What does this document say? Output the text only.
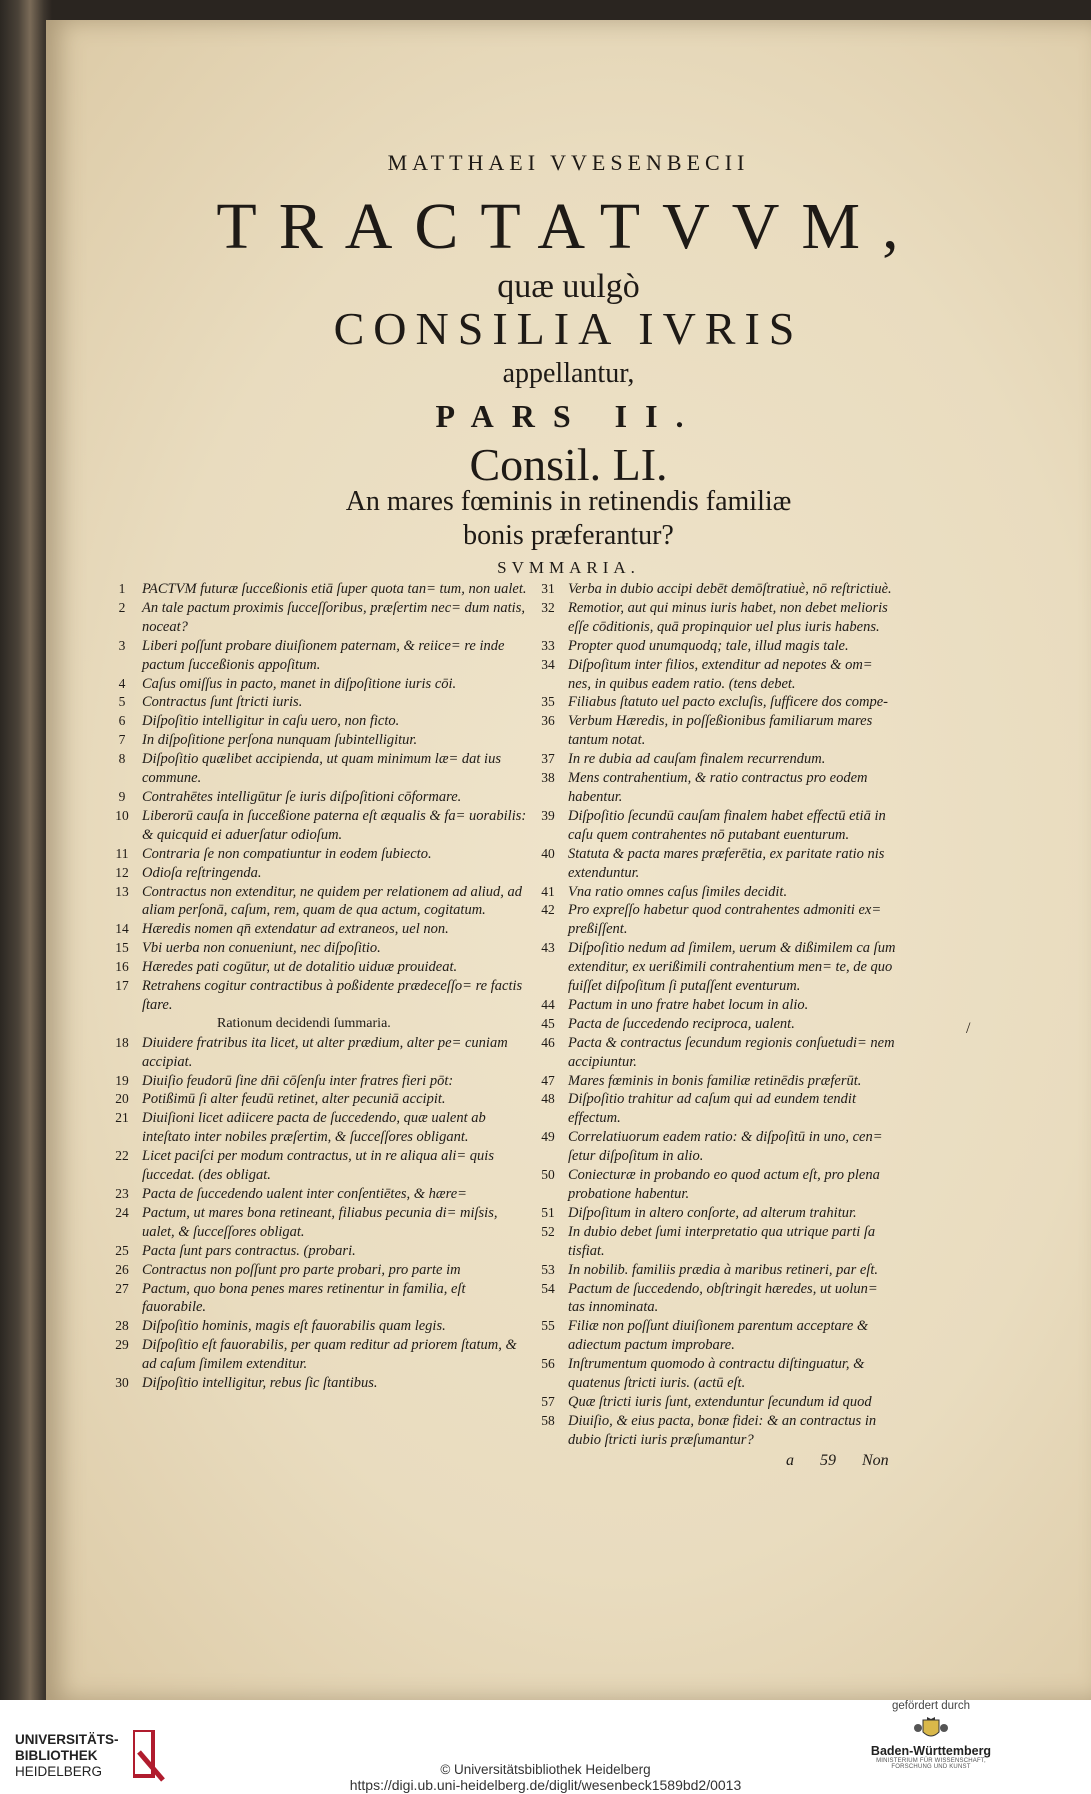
MATTHAEI VVESENBECII
TRACTATVVM,
quæ uulgò
CONSILIA IVRIS
appellantur,
PARS II.
Consil. LI.
An mares fœminis in retinendis familiæ
bonis præferantur?
SVMMARIA.
1	PACTVM futuræ ſucceßionis etiā ſuper quota tan= tum, non ualet.
2	An tale pactum proximis ſucceſſoribus, præſertim nec= dum natis, noceat?
3	Liberi poſſunt probare diuiſionem paternam, & reiice= re inde pactum ſucceßionis appoſitum.
4	Caſus omiſſus in pacto, manet in diſpoſitione iuris cōi.
5	Contractus ſunt ſtricti iuris.
6	Diſpoſitio intelligitur in caſu uero, non ficto.
7	In diſpoſitione perſona nunquam ſubintelligitur.
8	Diſpoſitio quælibet accipienda, ut quam minimum læ= dat ius commune.
9	Contrahētes intelligūtur ſe iuris diſpoſitioni cōformare.
10 Liberorū cauſa in ſucceßione paterna eſt æqualis & fa= uorabilis: & quicquid ei aduerſatur odioſum.
11 Contraria ſe non compatiuntur in eodem ſubiecto.
12 Odioſa reſtringenda.
13 Contractus non extenditur, ne quidem per relationem ad aliud, ad aliam perſonā, caſum, rem, quam de qua actum, cogitatum.
14 Hæredis nomen qn̄ extendatur ad extraneos, uel non.
15 Vbi uerba non conueniunt, nec diſpoſitio.
16 Hæredes pati cogūtur, ut de dotalitio uiduæ prouideat.
17 Retrahens cogitur contractibus à poßidente prædeceſſo= re factis ſtare.
Rationum decidendi ſummaria.
18 Diuidere fratribus ita licet, ut alter prædium, alter pe= cuniam accipiat.
19 Diuiſio feudorū ſine dn̄i cōſenſu inter fratres fieri pōt:
20 Potißimū ſi alter feudū retinet, alter pecuniā accipit.
21 Diuiſioni licet adiicere pacta de ſuccedendo, quæ ualent ab inteſtato inter nobiles præſertim, & ſucceſſores obligant.
22 Licet paciſci per modum contractus, ut in re aliqua ali= quis ſuccedat. (des obligat.
23 Pacta de ſuccedendo ualent inter conſentiētes, & hære=
24 Pactum, ut mares bona retineant, filiabus pecunia di= miſsis, ualet, & ſucceſſores obligat.
25 Pacta ſunt pars contractus. (probari.
26 Contractus non poſſunt pro parte probari, pro parte im
27 Pactum, quo bona penes mares retinentur in familia, eſt fauorabile.
28 Diſpoſitio hominis, magis eſt fauorabilis quam legis.
29 Diſpoſitio eſt fauorabilis, per quam reditur ad priorem ſtatum, & ad caſum ſimilem extenditur.
30 Diſpoſitio intelligitur, rebus ſic ſtantibus.
31 Verba in dubio accipi debēt demōſtratiuè, nō reſtrictiuè.
32 Remotior, aut qui minus iuris habet, non debet melioris eſſe cōditionis, quā propinquior uel plus iuris habens.
33 Propter quod unumquodq; tale, illud magis tale.
34 Diſpoſitum inter filios, extenditur ad nepotes & om= nes, in quibus eadem ratio. (tens debet.
35 Filiabus ſtatuto uel pacto excluſis, ſufficere dos compe-
36 Verbum Hæredis, in poſſeßionibus familiarum mares tantum notat.
37 In re dubia ad cauſam finalem recurrendum.
38 Mens contrahentium, & ratio contractus pro eodem habentur.
39 Diſpoſitio ſecundū cauſam finalem habet effectū etiā in caſu quem contrahentes nō putabant euenturum.
40 Statuta & pacta mares præferētia, ex paritate ratio nis extenduntur.
41 Vna ratio omnes caſus ſimiles decidit.
42 Pro expreſſo habetur quod contrahentes admoniti ex= preßiſſent.
43 Diſpoſitio nedum ad ſimilem, uerum & dißimilem ca ſum extenditur, ex uerißimili contrahentium men= te, de quo fuiſſet diſpoſitum ſi putaſſent eventurum.
44 Pactum in uno fratre habet locum in alio.
45 Pacta de ſuccedendo reciproca, ualent.
46 Pacta & contractus ſecundum regionis conſuetudi= nem accipiuntur.
47 Mares fœminis in bonis familiæ retinēdis præferūt.
48 Diſpoſitio trahitur ad caſum qui ad eundem tendit effectum.
49 Correlatiuorum eadem ratio: & diſpoſitū in uno, cen= ſetur diſpoſitum in alio.
50 Coniecturæ in probando eo quod actum eſt, pro plena probatione habentur.
51 Diſpoſitum in altero conſorte, ad alterum trahitur.
52 In dubio debet ſumi interpretatio qua utrique parti ſa tisfiat.
53 In nobilib. familiis prædia à maribus retineri, par eſt.
54 Pactum de ſuccedendo, obſtringit hæredes, ut uolun= tas innominata.
55 Filiæ non poſſunt diuiſionem parentum acceptare & adiectum pactum improbare.
56 Inſtrumentum quomodo à contractu diſtinguatur, & quatenus ſtricti iuris. (actū eſt.
57 Quæ ſtricti iuris ſunt, extenduntur ſecundum id quod
58 Diuiſio, & eius pacta, bonæ fidei: & an contractus in dubio ſtricti iuris præſumantur?
a 59 Non
/
UNIVERSITÄTS-
BIBLIOTHEK
HEIDELBERG	© Universitätsbibliothek Heidelberg
https://digi.ub.uni-heidelberg.de/diglit/wesenbeck1589bd2/0013
gefördert durch
Baden-Württemberg
MINISTERIUM FÜR WISSENSCHAFT, FORSCHUNG UND KUNST
